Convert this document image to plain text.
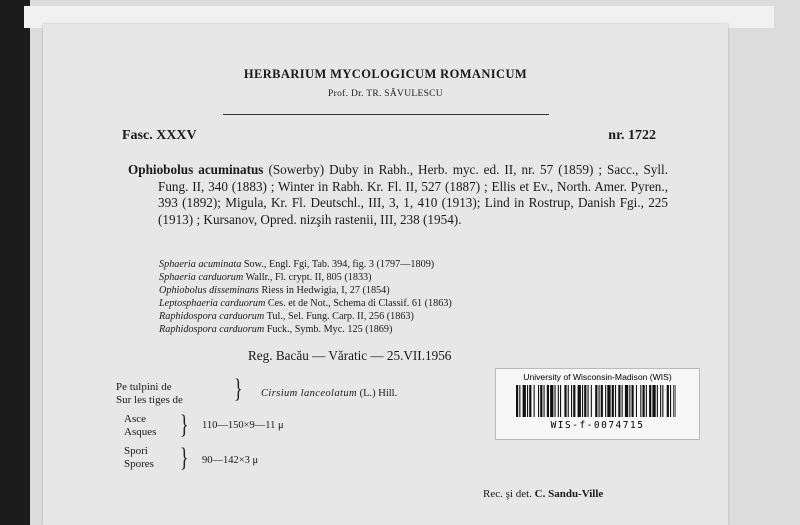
HERBARIUM MYCOLOGICUM ROMANICUM
Prof. Dr. TR. SĂVULESCU
Fasc. XXXV	nr. 1722
Ophiobolus acuminatus (Sowerby) Duby in Rabh., Herb. myc. ed. II, nr. 57 (1859) ; Sacc., Syll. Fung. II, 340 (1883) ; Winter in Rabh. Kr. Fl. II, 527 (1887) ; Ellis et Ev., North. Amer. Pyren., 393 (1892); Migula, Kr. Fl. Deutschl., III, 3, 1, 410 (1913); Lind in Rostrup, Danish Fgi., 225 (1913) ; Kursanov, Opred. nizşih rastenii, III, 238 (1954).
Sphaeria acuminata Sow., Engl. Fgi, Tab. 394, fig. 3 (1797—1809)
Sphaeria carduorum Wallr., Fl. crypt. II, 805 (1833)
Ophiobolus disseminans Riess in Hedwigia, I, 27 (1854)
Leptosphaeria carduorum Ces. et de Not., Schema di Classif. 61 (1863)
Raphidospora carduorum Tul., Sel. Fung. Carp. II, 256 (1863)
Raphidospora carduorum Fuck., Symb. Myc. 125 (1869)
Reg. Bacău — Văratic — 25.VII.1956
Pe tulpini de
Sur les tiges de } Cirsium lanceolatum (L.) Hill.
Asce
Asques } 110—150×9—11 μ
Spori
Spores } 90—142×3 μ
Rec. şi det. C. Sandu-Ville
University of Wisconsin-Madison (WIS)
WIS-f-0074715
